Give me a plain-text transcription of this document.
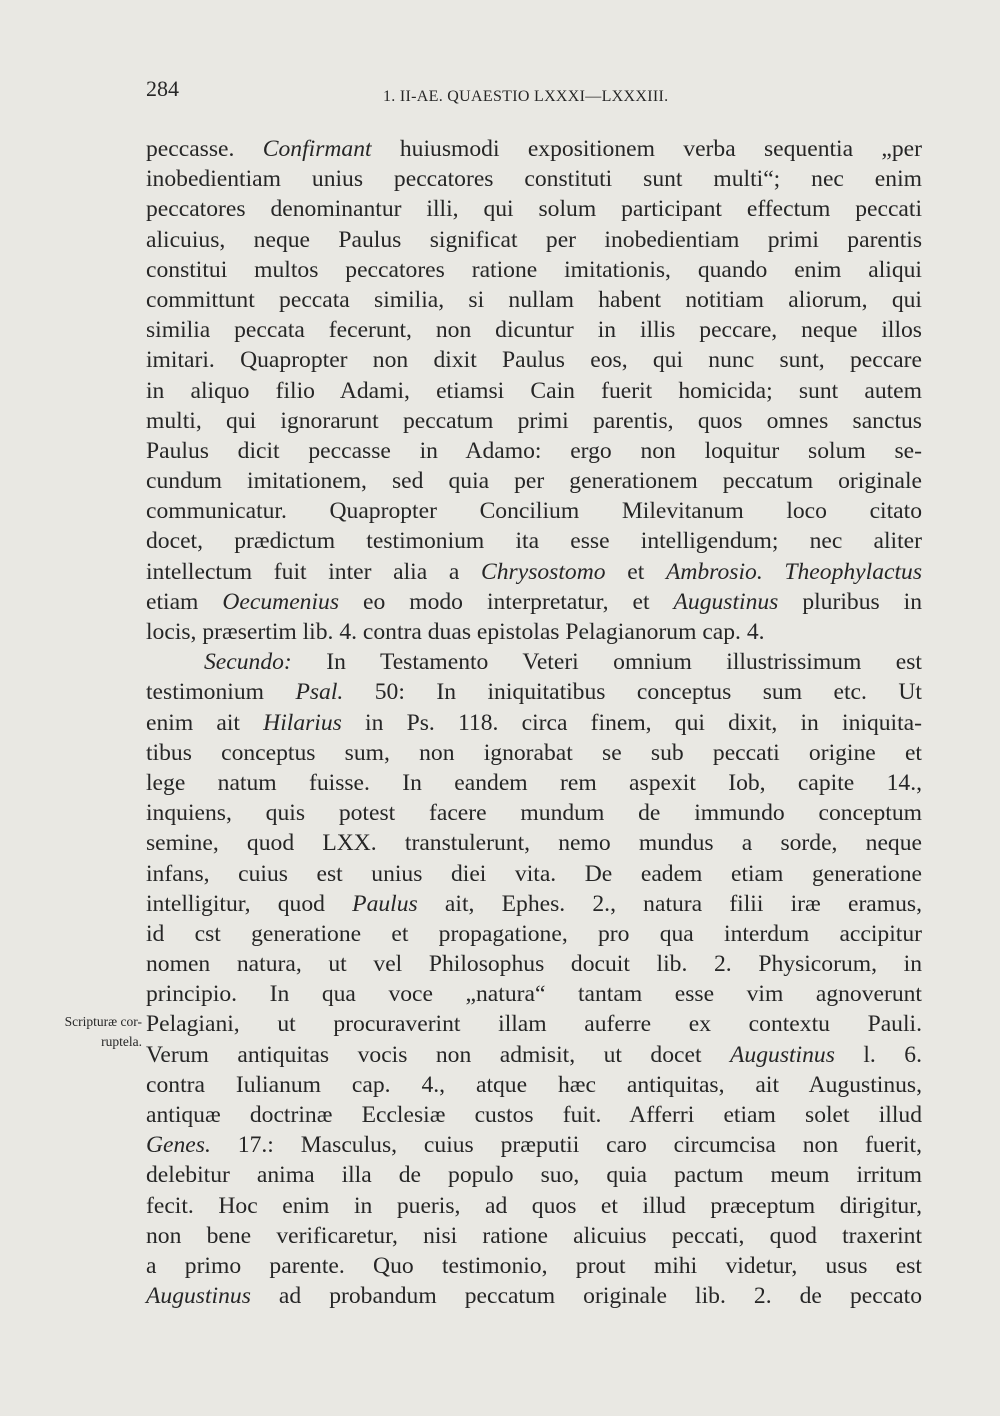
284	1. II-AE. QUAESTIO LXXXI—LXXXIII.
Scripturæ cor-
ruptela.
peccasse. Confirmant huiusmodi expositionem verba sequentia „per
inobedientiam unius peccatores constituti sunt multi“; nec enim
peccatores denominantur illi, qui solum participant effectum peccati
alicuius, neque Paulus significat per inobedientiam primi parentis
constitui multos peccatores ratione imitationis, quando enim aliqui
committunt peccata similia, si nullam habent notitiam aliorum, qui
similia peccata fecerunt, non dicuntur in illis peccare, neque illos
imitari. Quapropter non dixit Paulus eos, qui nunc sunt, peccare
in aliquo filio Adami, etiamsi Cain fuerit homicida; sunt autem
multi, qui ignorarunt peccatum primi parentis, quos omnes sanctus
Paulus dicit peccasse in Adamo: ergo non loquitur solum se-
cundum imitationem, sed quia per generationem peccatum originale
communicatur. Quapropter Concilium Milevitanum loco citato
docet, prædictum testimonium ita esse intelligendum; nec aliter
intellectum fuit inter alia a Chrysostomo et Ambrosio. Theophylactus
etiam Oecumenius eo modo interpretatur, et Augustinus pluribus in
locis, præsertim lib. 4. contra duas epistolas Pelagianorum cap. 4.
Secundo: In Testamento Veteri omnium illustrissimum est
testimonium Psal. 50: In iniquitatibus conceptus sum etc. Ut
enim ait Hilarius in Ps. 118. circa finem, qui dixit, in iniquita-
tibus conceptus sum, non ignorabat se sub peccati origine et
lege natum fuisse. In eandem rem aspexit Iob, capite 14.,
inquiens, quis potest facere mundum de immundo conceptum
semine, quod LXX. transtulerunt, nemo mundus a sorde, neque
infans, cuius est unius diei vita. De eadem etiam generatione
intelligitur, quod Paulus ait, Ephes. 2., natura filii iræ eramus,
id cst generatione et propagatione, pro qua interdum accipitur
nomen natura, ut vel Philosophus docuit lib. 2. Physicorum, in
principio. In qua voce „natura“ tantam esse vim agnoverunt
Pelagiani, ut procuraverint illam auferre ex contextu Pauli.
Verum antiquitas vocis non admisit, ut docet Augustinus l. 6.
contra Iulianum cap. 4., atque hæc antiquitas, ait Augustinus,
antiquæ doctrinæ Ecclesiæ custos fuit. Afferri etiam solet illud
Genes. 17.: Masculus, cuius præputii caro circumcisa non fuerit,
delebitur anima illa de populo suo, quia pactum meum irritum
fecit. Hoc enim in pueris, ad quos et illud præceptum dirigitur,
non bene verificaretur, nisi ratione alicuius peccati, quod traxerint
a primo parente. Quo testimonio, prout mihi videtur, usus est
Augustinus ad probandum peccatum originale lib. 2. de peccato
